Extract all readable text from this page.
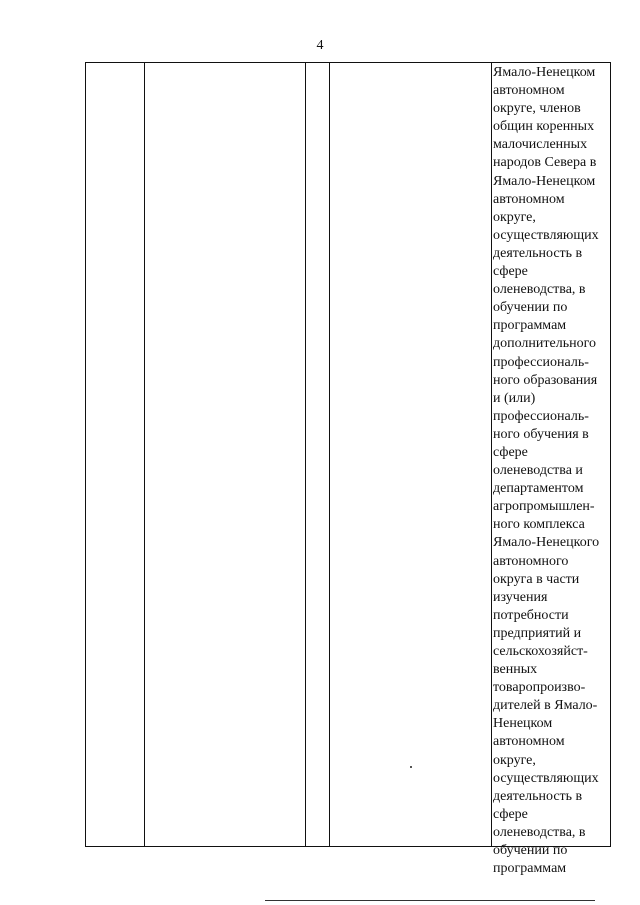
4
Ямало-Ненецком
автономном
округе, членов
общин коренных
малочисленных
народов Севера в
Ямало-Ненецком
автономном
округе,
осуществляющих
деятельность в
сфере
оленеводства, в
обучении по
программам
дополнительного
профессиональ-
ного образования
и (или)
профессиональ-
ного обучения в
сфере
оленеводства и
департаментом
агропромышлен-
ного комплекса
Ямало-Ненецкого
автономного
округа в части
изучения
потребности
предприятий и
сельскохозяйст-
венных
товаропроизво-
дителей в Ямало-
Ненецком
автономном
округе,
осуществляющих
деятельность в
сфере
оленеводства, в
обучении по
программам
